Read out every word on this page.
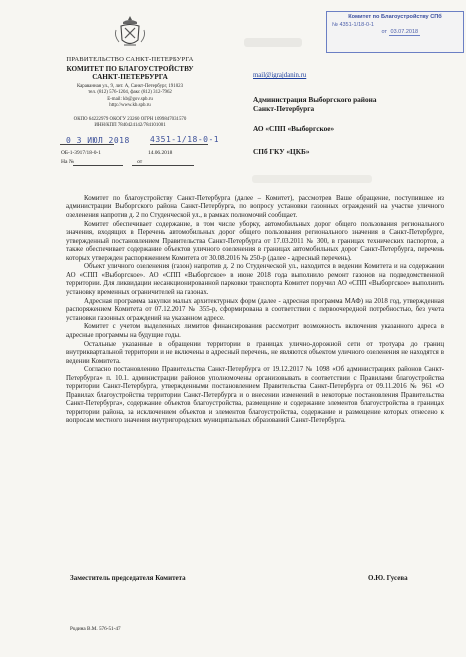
ПРАВИТЕЛЬСТВО САНКТ-ПЕТЕРБУРГА
КОМИТЕТ ПО БЛАГОУСТРОЙСТВУ
САНКТ-ПЕТЕРБУРГА
Караванная ул., 9, лит. А, Санкт-Петербург, 191023
тел. (812) 576-1204, факс (812) 312-7962
E-mail: kb@gov.spb.ru
http://www.kb.spb.ru
ОКПО 64222979 ОКОГУ 23260 ОГРН 1099847031570
ИНН/КПП 7840424142/784101001
0 3 ИЮЛ 2018	4351-1/18-0-1
ОБ-1-3917/18-0-1	14.06.2018
На №	от
Комитет по Благоустройству СПб
№ 4351-1/18-0-1
от 03.07.2018
mail@igrajdanin.ru
Администрация Выборгского района
Санкт-Петербурга
АО «СПП «Выборгское»
СПб ГКУ «ЦКБ»

Комитет по благоустройству Санкт-Петербурга (далее – Комитет), рассмотрев Ваше обращение, поступившее из администрации Выборгского района Санкт-Петербурга, по вопросу установки газонных ограждений на участке уличного озеленения напротив д. 2 по Студенческой ул., в рамках полномочий сообщает.

Комитет обеспечивает содержание, в том числе уборку, автомобильных дорог общего пользования регионального значения, входящих в Перечень автомобильных дорог общего пользования регионального значения в Санкт-Петербурге, утвержденный постановлением Правительства Санкт-Петербурга от 17.03.2011 № 300, в границах технических паспортов, а также обеспечивает содержание объектов уличного озеленения в границах автомобильных дорог Санкт-Петербурга, перечень которых утвержден распоряжением Комитета от 30.08.2016 № 250-р (далее - адресный перечень).

Объект уличного озеленения (газон) напротив д. 2 по Студенческой ул., находится в ведении Комитета и на содержании АО «СПП «Выборгское». АО «СПП «Выборгское» в июне 2018 года выполнило ремонт газонов на подведомственной территории. Для ликвидации несанкционированной парковки транспорта Комитет поручил АО «СПП «Выборгское» выполнить установку временных ограничителей на газонах.

Адресная программа закупки малых архитектурных форм (далее - адресная программа МАФ) на 2018 год, утвержденная распоряжением Комитета от 07.12.2017 № 355-р, сформирована в соответствии с первоочередной потребностью, без учета установки газонных ограждений на указанном адресе.

Комитет с учетом выделенных лимитов финансирования рассмотрит возможность включения указанного адреса в адресные программы на будущие годы.

Остальные указанные в обращении территории в границах улично-дорожной сети от тротуара до границ внутриквартальной территории и не включены в адресный перечень, не являются объектом уличного озеленения не находятся в ведении Комитета.

Согласно постановлению Правительства Санкт-Петербурга от 19.12.2017 № 1098 «Об администрациях районов Санкт-Петербурга» п. 10.1. администрации районов уполномочены организовывать в соответствии с Правилами благоустройства территории Санкт-Петербурга, утвержденными постановлением Правительства Санкт-Петербурга от 09.11.2016 № 961 «О Правилах благоустройства территории Санкт-Петербурга и о внесении изменений в некоторые постановления Правительства Санкт-Петербурга», содержание объектов благоустройства, размещение и содержание элементов благоустройства в границах территории района, за исключением объектов и элементов благоустройства, содержание и размещение которых отнесено к вопросам местного значения внутригородских муниципальных образований Санкт-Петербурга.

Заместитель председателя Комитета	О.Ю. Гусева
Родина В.М. 576-51-47
